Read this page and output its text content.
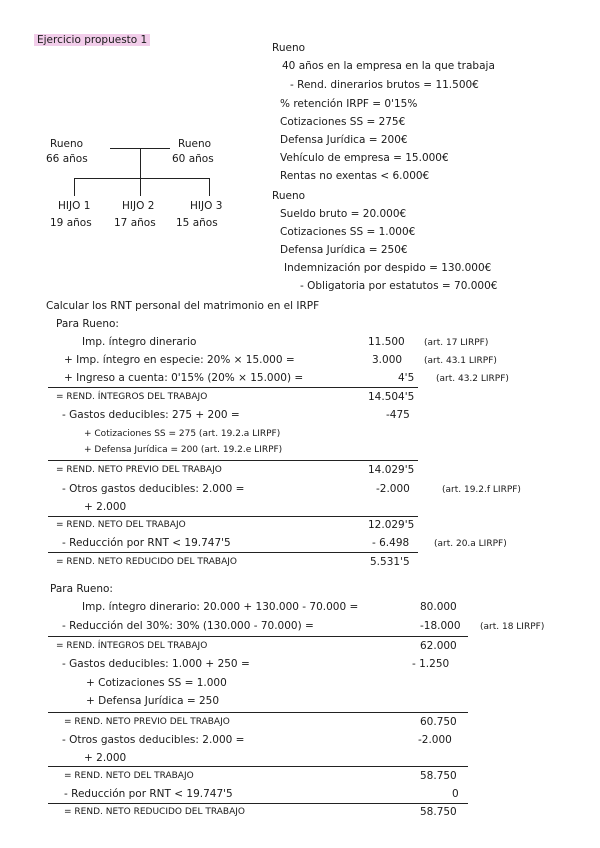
Ejercicio propuesto 1
Rueno
66 años
Rueno
60 años
HIJO 1
19 años
HIJO 2
17 años
HIJO 3
15 años
Rueno
40 años en la empresa en la que trabaja
- Rend. dinerarios brutos = 11.500€
% retención IRPF = 0'15%
Cotizaciones SS = 275€
Defensa Jurídica = 200€
Vehículo de empresa = 15.000€
Rentas no exentas < 6.000€
Rueno
Sueldo bruto = 20.000€
Cotizaciones SS = 1.000€
Defensa Jurídica = 250€
Indemnización por despido = 130.000€
- Obligatoria por estatutos = 70.000€
Calcular los RNT personal del matrimonio en el IRPF
Para Rueno:
Imp. íntegro dinerario	11.500 (art. 17 LIRPF)
+ Imp. íntegro en especie: 20% × 15.000 =	3.000 (art. 43.1 LIRPF)
+ Ingreso a cuenta: 0'15% (20% × 15.000) =	4'5 (art. 43.2 LIRPF)
= REND. ÍNTEGROS DEL TRABAJO	14.504'5
- Gastos deducibles: 275 + 200 =	-475
+ Cotizaciones SS = 275 (art. 19.2.a LIRPF)
+ Defensa Jurídica = 200 (art. 19.2.e LIRPF)
= REND. NETO PREVIO DEL TRABAJO	14.029'5
- Otros gastos deducibles: 2.000 =	-2.000	(art. 19.2.f LIRPF)
+ 2.000
= REND. NETO DEL TRABAJO	12.029'5
- Reducción por RNT < 19.747'5	- 6.498	(art. 20.a LIRPF)
= REND. NETO REDUCIDO DEL TRABAJO	5.531'5
Para Rueno:
Imp. íntegro dinerario: 20.000 + 130.000 - 70.000 =	80.000
- Reducción del 30%: 30% (130.000 - 70.000) =	-18.000 (art. 18 LIRPF)
= REND. ÍNTEGROS DEL TRABAJO	62.000
- Gastos deducibles: 1.000 + 250 =	- 1.250
+ Cotizaciones SS = 1.000
+ Defensa Jurídica = 250
= REND. NETO PREVIO DEL TRABAJO	60.750
- Otros gastos deducibles: 2.000 =	-2.000
+ 2.000
= REND. NETO DEL TRABAJO	58.750
- Reducción por RNT < 19.747'5	0
= REND. NETO REDUCIDO DEL TRABAJO	58.750
